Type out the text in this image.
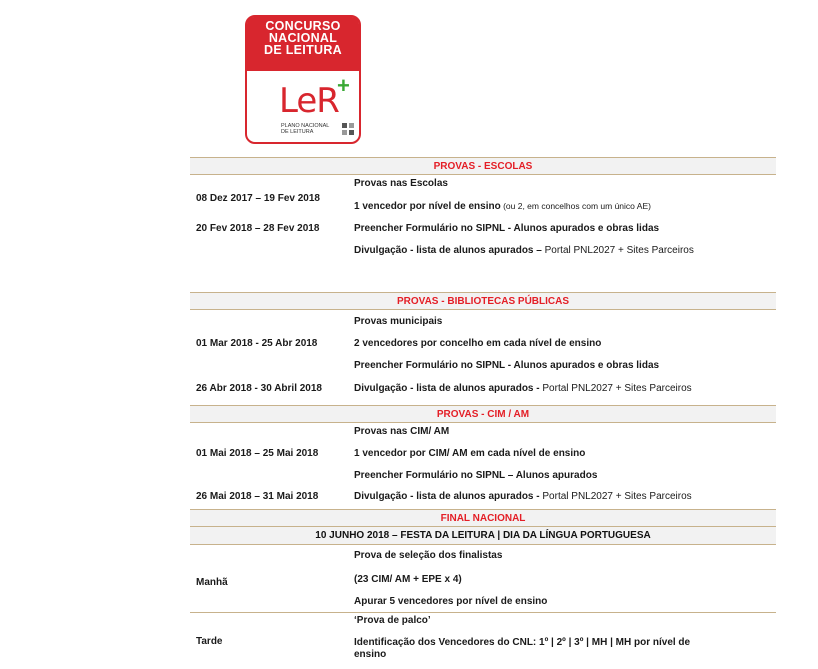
CONCURSO
NACIONAL
DE LEITURA
LeR
+
PLANO NACIONAL
DE LEITURA
PROVAS - ESCOLAS
08 Dez 2017 – 19 Fev 2018
20 Fev 2018 – 28 Fev 2018
Provas nas Escolas
1 vencedor por nível de ensino (ou 2, em concelhos com um único AE)
Preencher Formulário no SIPNL - Alunos apurados e obras lidas
Divulgação - lista de alunos apurados – Portal PNL2027 + Sites Parceiros
PROVAS - BIBLIOTECAS PÚBLICAS
01 Mar 2018 - 25 Abr 2018
26 Abr 2018 - 30 Abril 2018
Provas municipais
2 vencedores por concelho em cada nível de ensino
Preencher Formulário no SIPNL - Alunos apurados e obras lidas
Divulgação - lista de alunos apurados - Portal PNL2027 + Sites Parceiros
PROVAS - CIM / AM
01 Mai 2018 – 25 Mai 2018
26 Mai 2018 – 31 Mai 2018
Provas nas CIM/ AM
1 vencedor por CIM/ AM em cada nível de ensino
Preencher Formulário no SIPNL – Alunos apurados
Divulgação - lista de alunos apurados - Portal PNL2027 + Sites Parceiros
FINAL NACIONAL
10 JUNHO 2018 – FESTA DA LEITURA | DIA DA LÍNGUA PORTUGUESA
Manhã
Prova de seleção dos finalistas
(23 CIM/ AM + EPE x 4)
Apurar 5 vencedores por nível de ensino
Tarde
‘Prova de palco’
Identificação dos Vencedores do CNL: 1º | 2º | 3º | MH | MH por nível de
ensino
